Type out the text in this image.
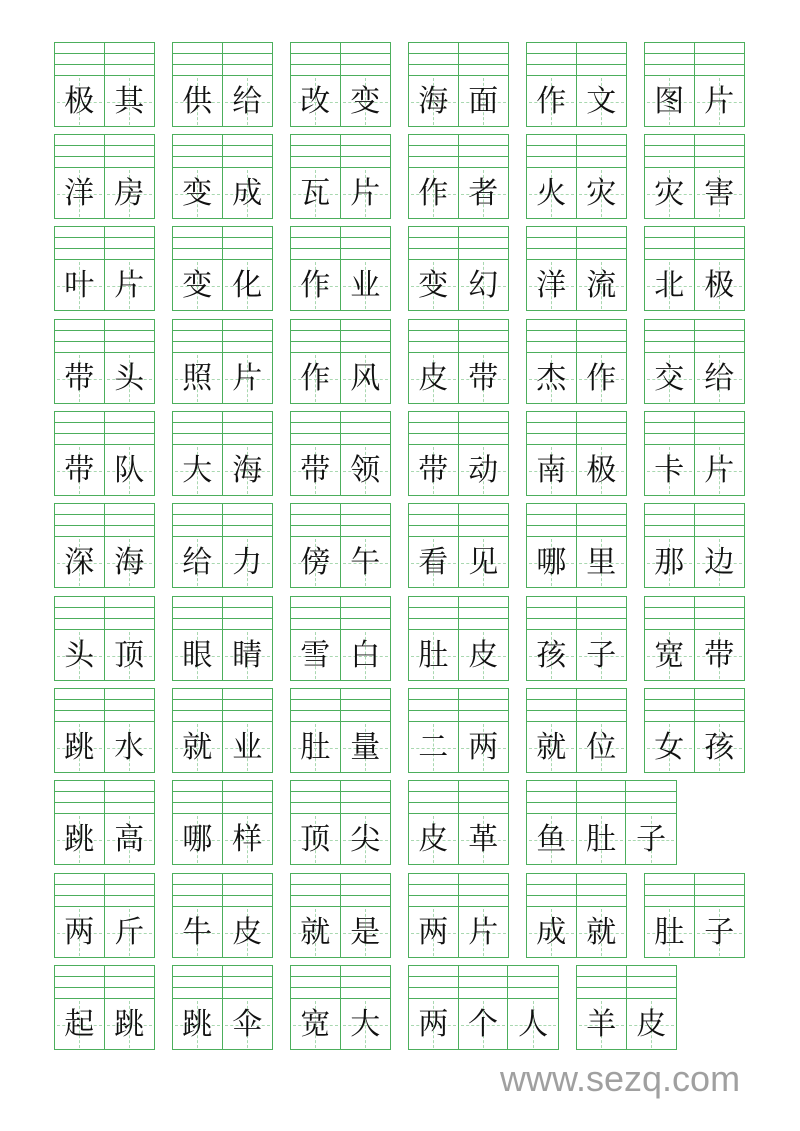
极 其	供 给	改 变	海 面	作 文	图 片
洋 房	变 成	瓦 片	作 者	火 灾	灾 害
叶 片	变 化	作 业	变 幻	洋 流	北 极
带 头	照 片	作 风	皮 带	杰 作	交 给
带 队	大 海	带 领	带 动	南 极	卡 片
深 海	给 力	傍 午	看 见	哪 里	那 边
头 顶	眼 睛	雪 白	肚 皮	孩 子	宽 带
跳 水	就 业	肚 量	二 两	就 位	女 孩
跳 高	哪 样	顶 尖	皮 革	鱼 肚 子
两 斤	牛 皮	就 是	两 片	成 就	肚 子
起 跳	跳 伞	宽 大	两 个 人	羊 皮
www.sezq.com
